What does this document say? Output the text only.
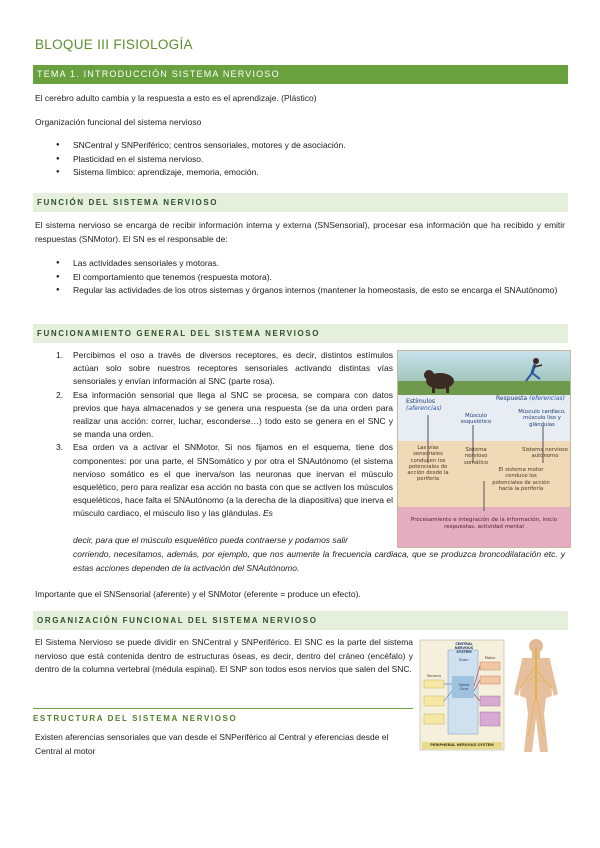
BLOQUE III FISIOLOGÍA
TEMA 1. INTRODUCCIÓN SISTEMA NERVIOSO

El cerebro adulto cambia y la respuesta a esto es el aprendizaje. (Plástico)

Organización funcional del sistema nervioso

● SNCentral y SNPeriférico; centros sensoriales, motores y de asociación.
● Plasticidad en el sistema nervioso.
● Sistema límbico: aprendizaje, memoria, emoción.
FUNCIÓN DEL SISTEMA NERVIOSO

El sistema nervioso se encarga de recibir información interna y externa (SNSensorial), procesar esa información que ha recibido y emitir respuestas (SNMotor). El SN es el responsable de:

● Las actividades sensoriales y motoras.
● El comportamiento que tenemos (respuesta motora).
● Regular las actividades de los otros sistemas y órganos internos (mantener la homeostasis, de esto se encarga el SNAutónomo)
FUNCIONAMIENTO GENERAL DEL SISTEMA NERVIOSO
1. Percibimos el oso a través de diversos receptores, es decir, distintos estímulos actúan solo sobre nuestros receptores sensoriales activando distintas vías sensoriales y envían información al SNC (parte rosa).
2. Esa información sensorial que llega al SNC se procesa, se compara con datos previos que haya almacenados y se genera una respuesta (se da una orden para realizar una acción: correr, luchar, esconderse…) todo esto se genera en el SNC y se manda una orden.
3. Esa orden va a activar el SNMotor. Si nos fijamos en el esquema, tiene dos componentes: por una parte, el SNSomático y por otra el SNAutónomo (el sistema nervioso somático es el que inerva/son las neuronas que inervan el músculo esquelético, pero para realizar esa acción no basta con que se activen los músculos esqueléticos, hace falta el SNAutónomo (a la derecha de la diapositiva) que inerva el músculo cardiaco, el músculo liso y las glándulas. Es

decir, para que el músculo esquelético pueda contraerse y podamos salir

corriendo, necesitamos, además, por ejemplo, que nos aumente la frecuencia cardiaca, que se produzca broncodilatación etc. y estas acciones dependen de la activación del SNAutónomo.

Estímulos
(aferencias)
Respuesta (eferencias)
Músculo esquelético
Músculo cardíaco, músculo liso y glándulas
Las vías sensoriales conducen los potenciales de acción desde la periferia
Sistema nervioso somático
Sistema nervioso autónomo
El sistema motor conduce los potenciales de acción hacia la periferia
Procesamiento e integración de la información, inicio respuestas, actividad mental

Importante que el SNSensorial (aferente) y el SNMotor (eferente = produce un efecto).

ORGANIZACIÓN FUNCIONAL DEL SISTEMA NERVIOSO

El Sistema Nervioso se puede dividir en SNCentral y SNPeriférico. El SNC es la parte del sistema nervioso que está contenida dentro de estructuras óseas, es decir, dentro del cráneo (encéfalo) y dentro de la columna vertebral (médula espinal). El SNP son todos esos nervios que salen del SNC.

ESTRUCTURA DEL SISTEMA NERVIOSO

Existen aferencias sensoriales que van desde el SNPeriférico al Central y eferencias desde el Central al motor

CENTRAL NERVOUS SYSTEM
Brain
Spinal Cord
Sensory
Motor
PERIPHERAL NERVOUS SYSTEM
